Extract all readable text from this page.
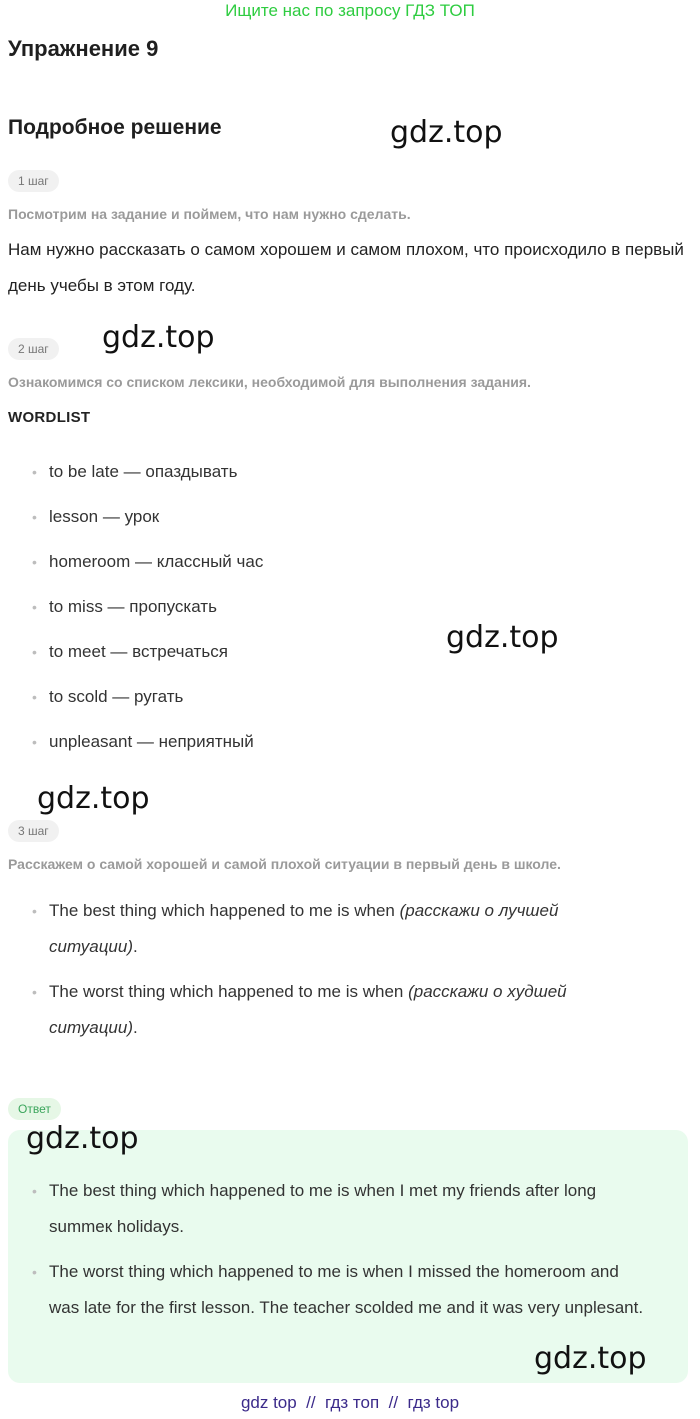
Ищите нас по запросу ГДЗ ТОП
Упражнение 9
Подробное решение	gdz.top
gdz.top
gdz.top
gdz.top
1 шаг
Посмотрим на задание и поймем, что нам нужно сделать.
Нам нужно рассказать о самом хорошем и самом плохом, что происходило в первый день учебы в этом году.
2 шаг
Ознакомимся со списком лексики, необходимой для выполнения задания.
WORDLIST
• to be late — опаздывать
• lesson — урок
• homeroom — классный час
• to miss — пропускать
• to meet — встречаться
• to scold — ругать
• unpleasant — неприятный
3 шаг
Расскажем о самой хорошей и самой плохой ситуации в первый день в школе.
• The best thing which happened to me is when (расскажи о лучшей ситуации).
• The worst thing which happened to me is when (расскажи о худшей ситуации).
Ответ
gdz.top
• The best thing which happened to me is when I met my friends after long summeк holidays.
• The worst thing which happened to me is when I missed the homeroom and was late for the first lesson. The teacher scolded me and it was very unplesant.
gdz.top
gdz top  //  гдз топ  //  гдз top
